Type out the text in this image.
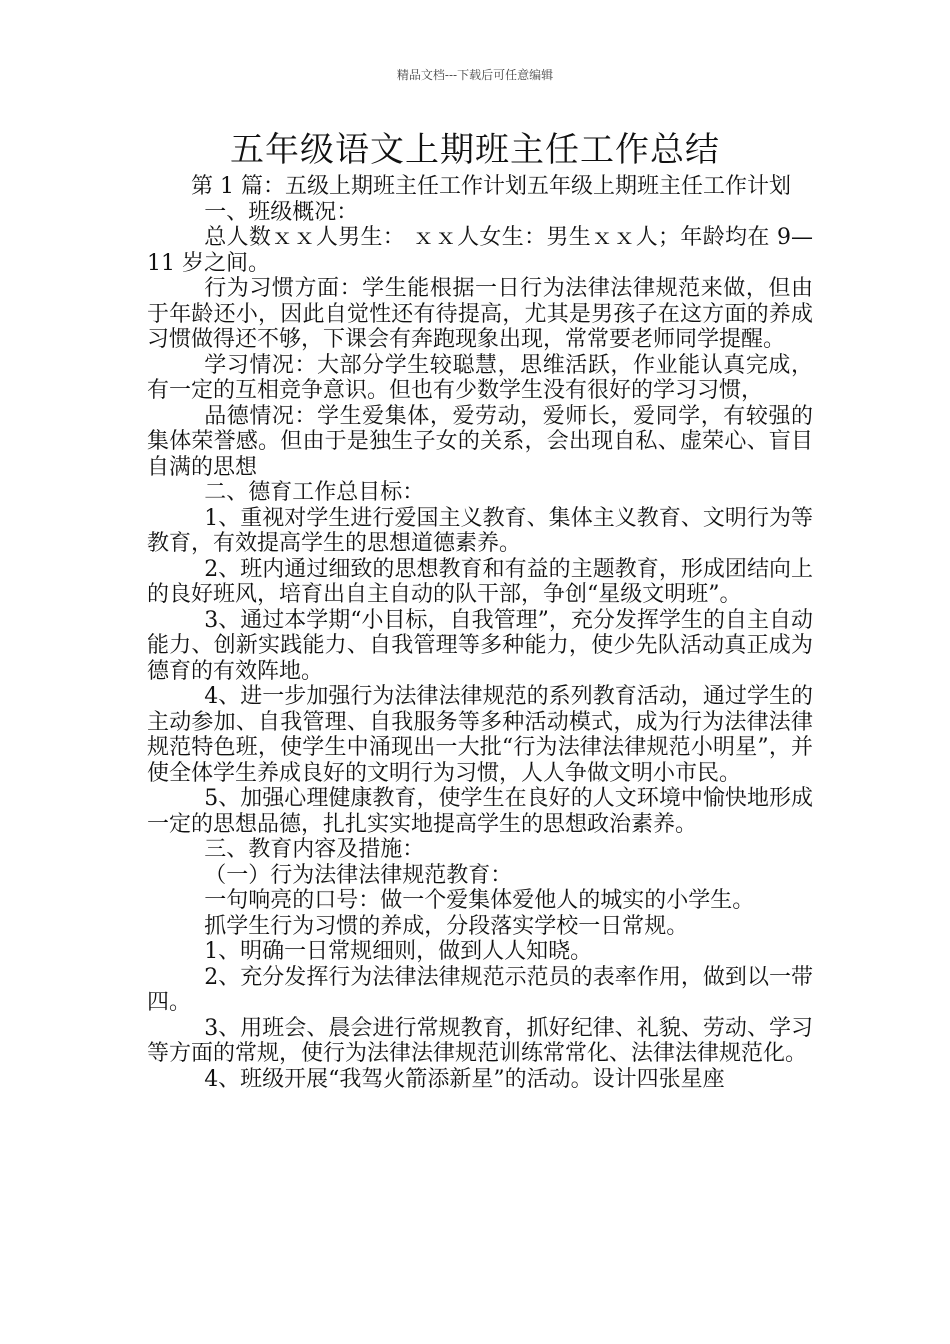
精品文档---下载后可任意编辑
五年级语文上期班主任工作总结

第 1 篇：五级上期班主任工作计划五年级上期班主任工作计划

一、班级概况：

总人数ｘｘ人男生： ｘｘ人女生：男生ｘｘ人；年龄均在 9—11 岁之间。

行为习惯方面：学生能根据一日行为法律法律规范来做，但由于年龄还小，因此自觉性还有待提高，尤其是男孩子在这方面的养成习惯做得还不够，下课会有奔跑现象出现，常常要老师同学提醒。

学习情况：大部分学生较聪慧，思维活跃，作业能认真完成，有一定的互相竞争意识。但也有少数学生没有很好的学习习惯，

品德情况：学生爱集体，爱劳动，爱师长，爱同学，有较强的集体荣誉感。但由于是独生子女的关系，会出现自私、虚荣心、盲目自满的思想

二、德育工作总目标：

1、重视对学生进行爱国主义教育、集体主义教育、文明行为等教育，有效提高学生的思想道德素养。

2、班内通过细致的思想教育和有益的主题教育，形成团结向上的良好班风，培育出自主自动的队干部，争创“星级文明班”。

3、通过本学期“小目标，自我管理”，充分发挥学生的自主自动能力、创新实践能力、自我管理等多种能力，使少先队活动真正成为德育的有效阵地。

4、进一步加强行为法律法律规范的系列教育活动，通过学生的主动参加、自我管理、自我服务等多种活动模式，成为行为法律法律规范特色班，使学生中涌现出一大批“行为法律法律规范小明星”，并使全体学生养成良好的文明行为习惯，人人争做文明小市民。

5、加强心理健康教育，使学生在良好的人文环境中愉快地形成一定的思想品德，扎扎实实地提高学生的思想政治素养。

三、教育内容及措施：

（一）行为法律法律规范教育：

一句响亮的口号：做一个爱集体爱他人的城实的小学生。

抓学生行为习惯的养成，分段落实学校一日常规。

1、明确一日常规细则，做到人人知晓。

2、充分发挥行为法律法律规范示范员的表率作用，做到以一带四。

3、用班会、晨会进行常规教育，抓好纪律、礼貌、劳动、学习等方面的常规，使行为法律法律规范训练常常化、法律法律规范化。

4、班级开展“我驾火箭添新星”的活动。设计四张星座
